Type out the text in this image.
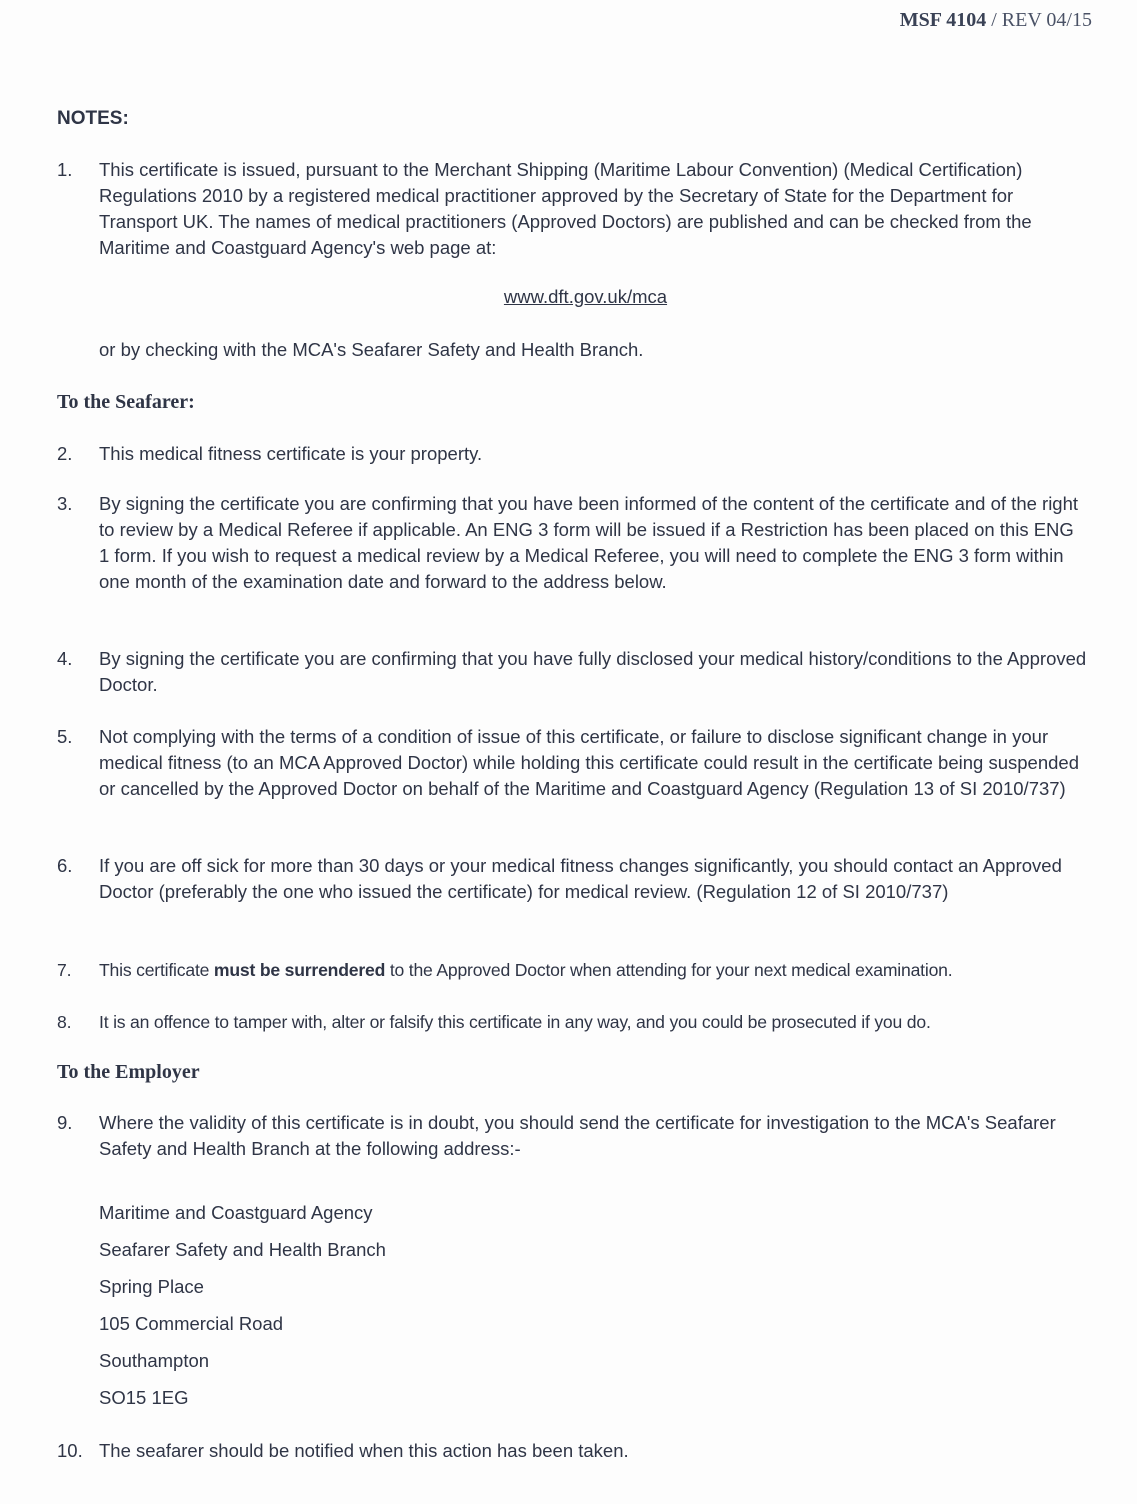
MSF 4104 / REV 04/15
NOTES:
1. This certificate is issued, pursuant to the Merchant Shipping (Maritime Labour Convention) (Medical Certification) Regulations 2010 by a registered medical practitioner approved by the Secretary of State for the Department for Transport UK. The names of medical practitioners (Approved Doctors) are published and can be checked from the Maritime and Coastguard Agency's web page at:
www.dft.gov.uk/mca
or by checking with the MCA's Seafarer Safety and Health Branch.
To the Seafarer:
2. This medical fitness certificate is your property.
3. By signing the certificate you are confirming that you have been informed of the content of the certificate and of the right to review by a Medical Referee if applicable. An ENG 3 form will be issued if a Restriction has been placed on this ENG 1 form. If you wish to request a medical review by a Medical Referee, you will need to complete the ENG 3 form within one month of the examination date and forward to the address below.
4. By signing the certificate you are confirming that you have fully disclosed your medical history/conditions to the Approved Doctor.
5. Not complying with the terms of a condition of issue of this certificate, or failure to disclose significant change in your medical fitness (to an MCA Approved Doctor) while holding this certificate could result in the certificate being suspended or cancelled by the Approved Doctor on behalf of the Maritime and Coastguard Agency (Regulation 13 of SI 2010/737)
6. If you are off sick for more than 30 days or your medical fitness changes significantly, you should contact an Approved Doctor (preferably the one who issued the certificate) for medical review. (Regulation 12 of SI 2010/737)
7. This certificate must be surrendered to the Approved Doctor when attending for your next medical examination.
8. It is an offence to tamper with, alter or falsify this certificate in any way, and you could be prosecuted if you do.
To the Employer
9. Where the validity of this certificate is in doubt, you should send the certificate for investigation to the MCA's Seafarer Safety and Health Branch at the following address:-
Maritime and Coastguard Agency
Seafarer Safety and Health Branch
Spring Place
105 Commercial Road
Southampton
SO15 1EG
10. The seafarer should be notified when this action has been taken.
